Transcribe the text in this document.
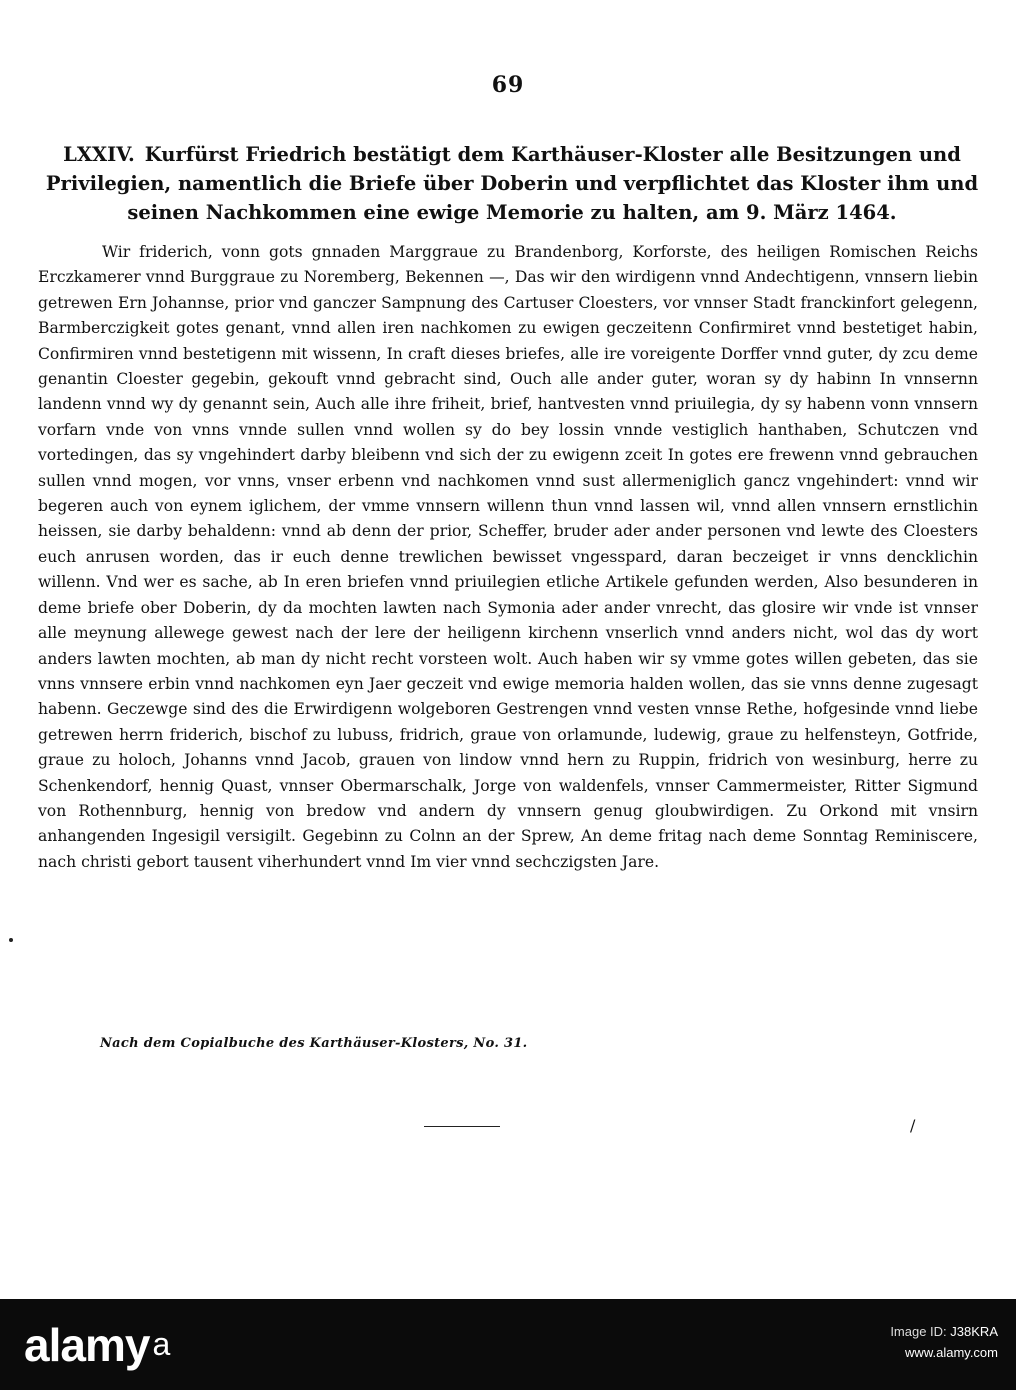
69
LXXIV. Kurfürst Friedrich bestätigt dem Karthäuser-Kloster alle Besitzungen und Privilegien, namentlich die Briefe über Doberin und verpflichtet das Kloster ihm und seinen Nachkommen eine ewige Memorie zu halten, am 9. März 1464.

Wir friderich, vonn gots gnnaden Marggraue zu Brandenborg, Korforste, des heiligen Romischen Reichs Erczkamerer vnnd Burggraue zu Noremberg, Bekennen —, Das wir den wirdigenn vnnd Andechtigenn, vnnsern liebin getrewen Ern Johannse, prior vnd ganczer Sampnung des Cartuser Cloesters, vor vnnser Stadt franckinfort gelegenn, Barmberczigkeit gotes genant, vnnd allen iren nachkomen zu ewigen geczeitenn Confirmiret vnnd bestetiget habin, Confirmiren vnnd bestetigenn mit wissenn, In craft dieses briefes, alle ire voreigente Dorffer vnnd guter, dy zcu deme genantin Cloester gegebin, gekouft vnnd gebracht sind, Ouch alle ander guter, woran sy dy habinn In vnnsernn landenn vnnd wy dy genannt sein, Auch alle ihre friheit, brief, hantvesten vnnd priuilegia, dy sy habenn vonn vnnsern vorfarn vnde von vnns vnnde sullen vnnd wollen sy do bey lossin vnnde vestiglich hanthaben, Schutczen vnd vortedingen, das sy vngehindert darby bleibenn vnd sich der zu ewigenn zceit In gotes ere frewenn vnnd gebrauchen sullen vnnd mogen, vor vnns, vnser erbenn vnd nachkomen vnnd sust allermeniglich gancz vngehindert: vnnd wir begeren auch von eynem iglichem, der vmme vnnsern willenn thun vnnd lassen wil, vnnd allen vnnsern ernstlichin heissen, sie darby behaldenn: vnnd ab denn der prior, Scheffer, bruder ader ander personen vnd lewte des Cloesters euch anrusen worden, das ir euch denne trewlichen bewisset vngesspard, daran beczeiget ir vnns dencklichin willenn. Vnd wer es sache, ab In eren briefen vnnd priuilegien etliche Artikele gefunden werden, Also besunderen in deme briefe ober Doberin, dy da mochten lawten nach Symonia ader ander vnrecht, das glosire wir vnde ist vnnser alle meynung allewege gewest nach der lere der heiligenn kirchenn vnserlich vnnd anders nicht, wol das dy wort anders lawten mochten, ab man dy nicht recht vorsteen wolt. Auch haben wir sy vmme gotes willen gebeten, das sie vnns vnnsere erbin vnnd nachkomen eyn Jaer geczeit vnd ewige memoria halden wollen, das sie vnns denne zugesagt habenn. Geczewge sind des die Erwirdigenn wolgeboren Gestrengen vnnd vesten vnnse Rethe, hofgesinde vnnd liebe getrewen herrn friderich, bischof zu lubuss, fridrich, graue von orlamunde, ludewig, graue zu helfensteyn, Gotfride, graue zu holoch, Johanns vnnd Jacob, grauen von lindow vnnd hern zu Ruppin, fridrich von wesinburg, herre zu Schenkendorf, hennig Quast, vnnser Obermarschalk, Jorge von waldenfels, vnnser Cammermeister, Ritter Sigmund von Rothennburg, hennig von bredow vnd andern dy vnnsern genug gloubwirdigen. Zu Orkond mit vnsirn anhangenden Ingesigil versigilt. Gegebinn zu Colnn an der Sprew, An deme fritag nach deme Sonntag Reminiscere, nach christi gebort tausent viherhundert vnnd Im vier vnnd sechczigsten Jare.

Nach dem Copialbuche des Karthäuser-Klosters, No. 31.
/
alamya	Image ID: J38KRA
www.alamy.com
